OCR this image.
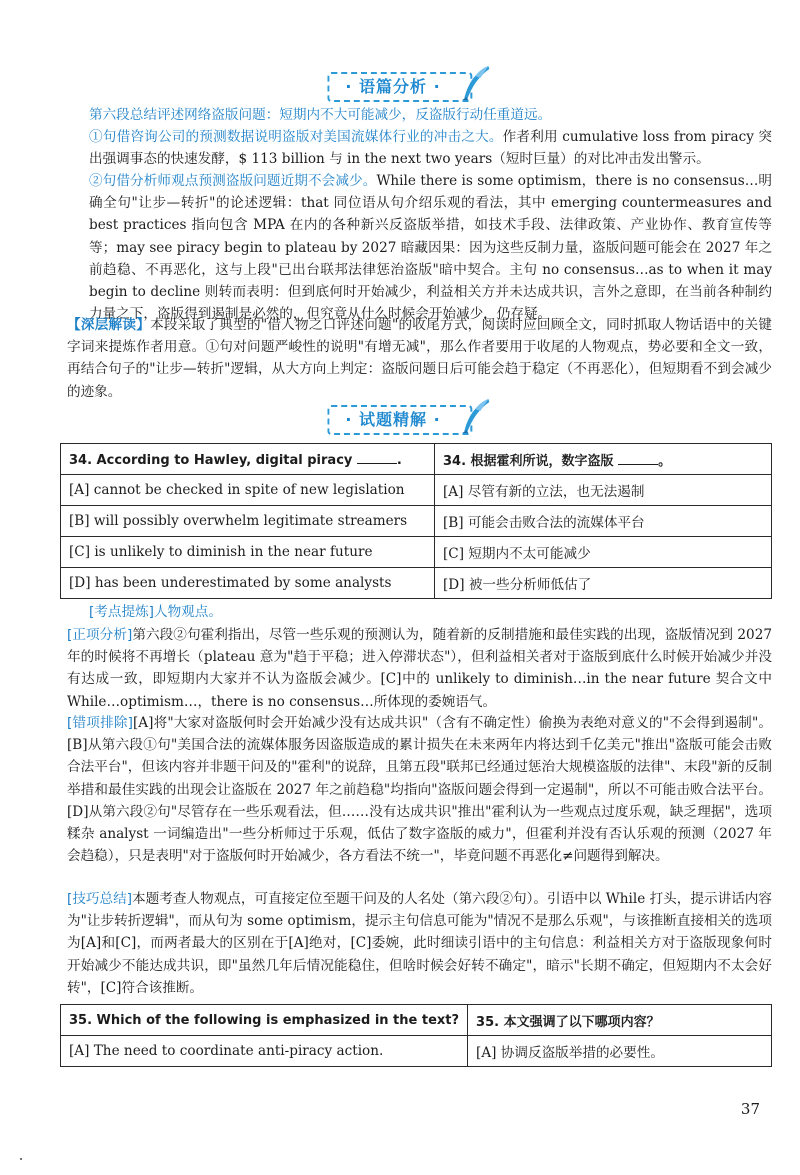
· 语篇分析 ·

第六段总结评述网络盗版问题：短期内不大可能减少，反盗版行动任重道远。

①句借咨询公司的预测数据说明盗版对美国流媒体行业的冲击之大。作者利用 cumulative loss from piracy 突出强调事态的快速发酵，$ 113 billion 与 in the next two years（短时巨量）的对比冲击发出警示。

②句借分析师观点预测盗版问题近期不会减少。While there is some optimism，there is no consensus…明确全句"让步—转折"的论述逻辑：that 同位语从句介绍乐观的看法，其中 emerging countermeasures and best practices 指向包含 MPA 在内的各种新兴反盗版举措，如技术手段、法律政策、产业协作、教育宣传等等；may see piracy begin to plateau by 2027 暗藏因果：因为这些反制力量，盗版问题可能会在 2027 年之前趋稳、不再恶化，这与上段"已出台联邦法律惩治盗版"暗中契合。主句 no consensus…as to when it may begin to decline 则转而表明：但到底何时开始减少，利益相关方并未达成共识，言外之意即，在当前各种制约力量之下，盗版得到遏制是必然的，但究竟从什么时候会开始减少，仍存疑。

【深层解读】本段采取了典型的"借人物之口评述问题"的收尾方式，阅读时应回顾全文，同时抓取人物话语中的关键字词来提炼作者用意。①句对问题严峻性的说明"有增无减"，那么作者要用于收尾的人物观点，势必要和全文一致，再结合句子的"让步—转折"逻辑，从大方向上判定：盗版问题日后可能会趋于稳定（不再恶化），但短期看不到会减少的迹象。

· 试题精解 ·
34. According to Hawley, digital piracy .	34. 根据霍利所说，数字盗版 。
[A] cannot be checked in spite of new legislation	[A] 尽管有新的立法，也无法遏制
[B] will possibly overwhelm legitimate streamers	[B] 可能会击败合法的流媒体平台
[C] is unlikely to diminish in the near future	[C] 短期内不太可能减少
[D] has been underestimated by some analysts	[D] 被一些分析师低估了

[考点提炼]人物观点。

[正项分析]第六段②句霍利指出，尽管一些乐观的预测认为，随着新的反制措施和最佳实践的出现，盗版情况到 2027 年的时候将不再增长（plateau 意为"趋于平稳；进入停滞状态"），但利益相关者对于盗版到底什么时候开始减少并没有达成一致，即短期内大家并不认为盗版会减少。[C]中的 unlikely to diminish…in the near future 契合文中 While…optimism…，there is no consensus…所体现的委婉语气。

[错项排除][A]将"大家对盗版何时会开始减少没有达成共识"（含有不确定性）偷换为表绝对意义的"不会得到遏制"。[B]从第六段①句"美国合法的流媒体服务因盗版造成的累计损失在未来两年内将达到千亿美元"推出"盗版可能会击败合法平台"，但该内容并非题干问及的"霍利"的说辞，且第五段"联邦已经通过惩治大规模盗版的法律"、末段"新的反制举措和最佳实践的出现会让盗版在 2027 年之前趋稳"均指向"盗版问题会得到一定遏制"，所以不可能击败合法平台。[D]从第六段②句"尽管存在一些乐观看法，但……没有达成共识"推出"霍利认为一些观点过度乐观，缺乏理据"，选项糅杂 analyst 一词编造出"一些分析师过于乐观，低估了数字盗版的威力"，但霍利并没有否认乐观的预测（2027 年会趋稳），只是表明"对于盗版何时开始减少，各方看法不统一"，毕竟问题不再恶化≠问题得到解决。

[技巧总结]本题考查人物观点，可直接定位至题干问及的人名处（第六段②句）。引语中以 While 打头，提示讲话内容为"让步转折逻辑"，而从句为 some optimism，提示主句信息可能为"情况不是那么乐观"，与该推断直接相关的选项为[A]和[C]，而两者最大的区别在于[A]绝对，[C]委婉，此时细读引语中的主句信息：利益相关方对于盗版现象何时开始减少不能达成共识，即"虽然几年后情况能稳住，但啥时候会好转不确定"，暗示"长期不确定，但短期内不太会好转"，[C]符合该推断。

35. Which of the following is emphasized in the text?	35. 本文强调了以下哪项内容？
[A] The need to coordinate anti-piracy action.	[A] 协调反盗版举措的必要性。
37
